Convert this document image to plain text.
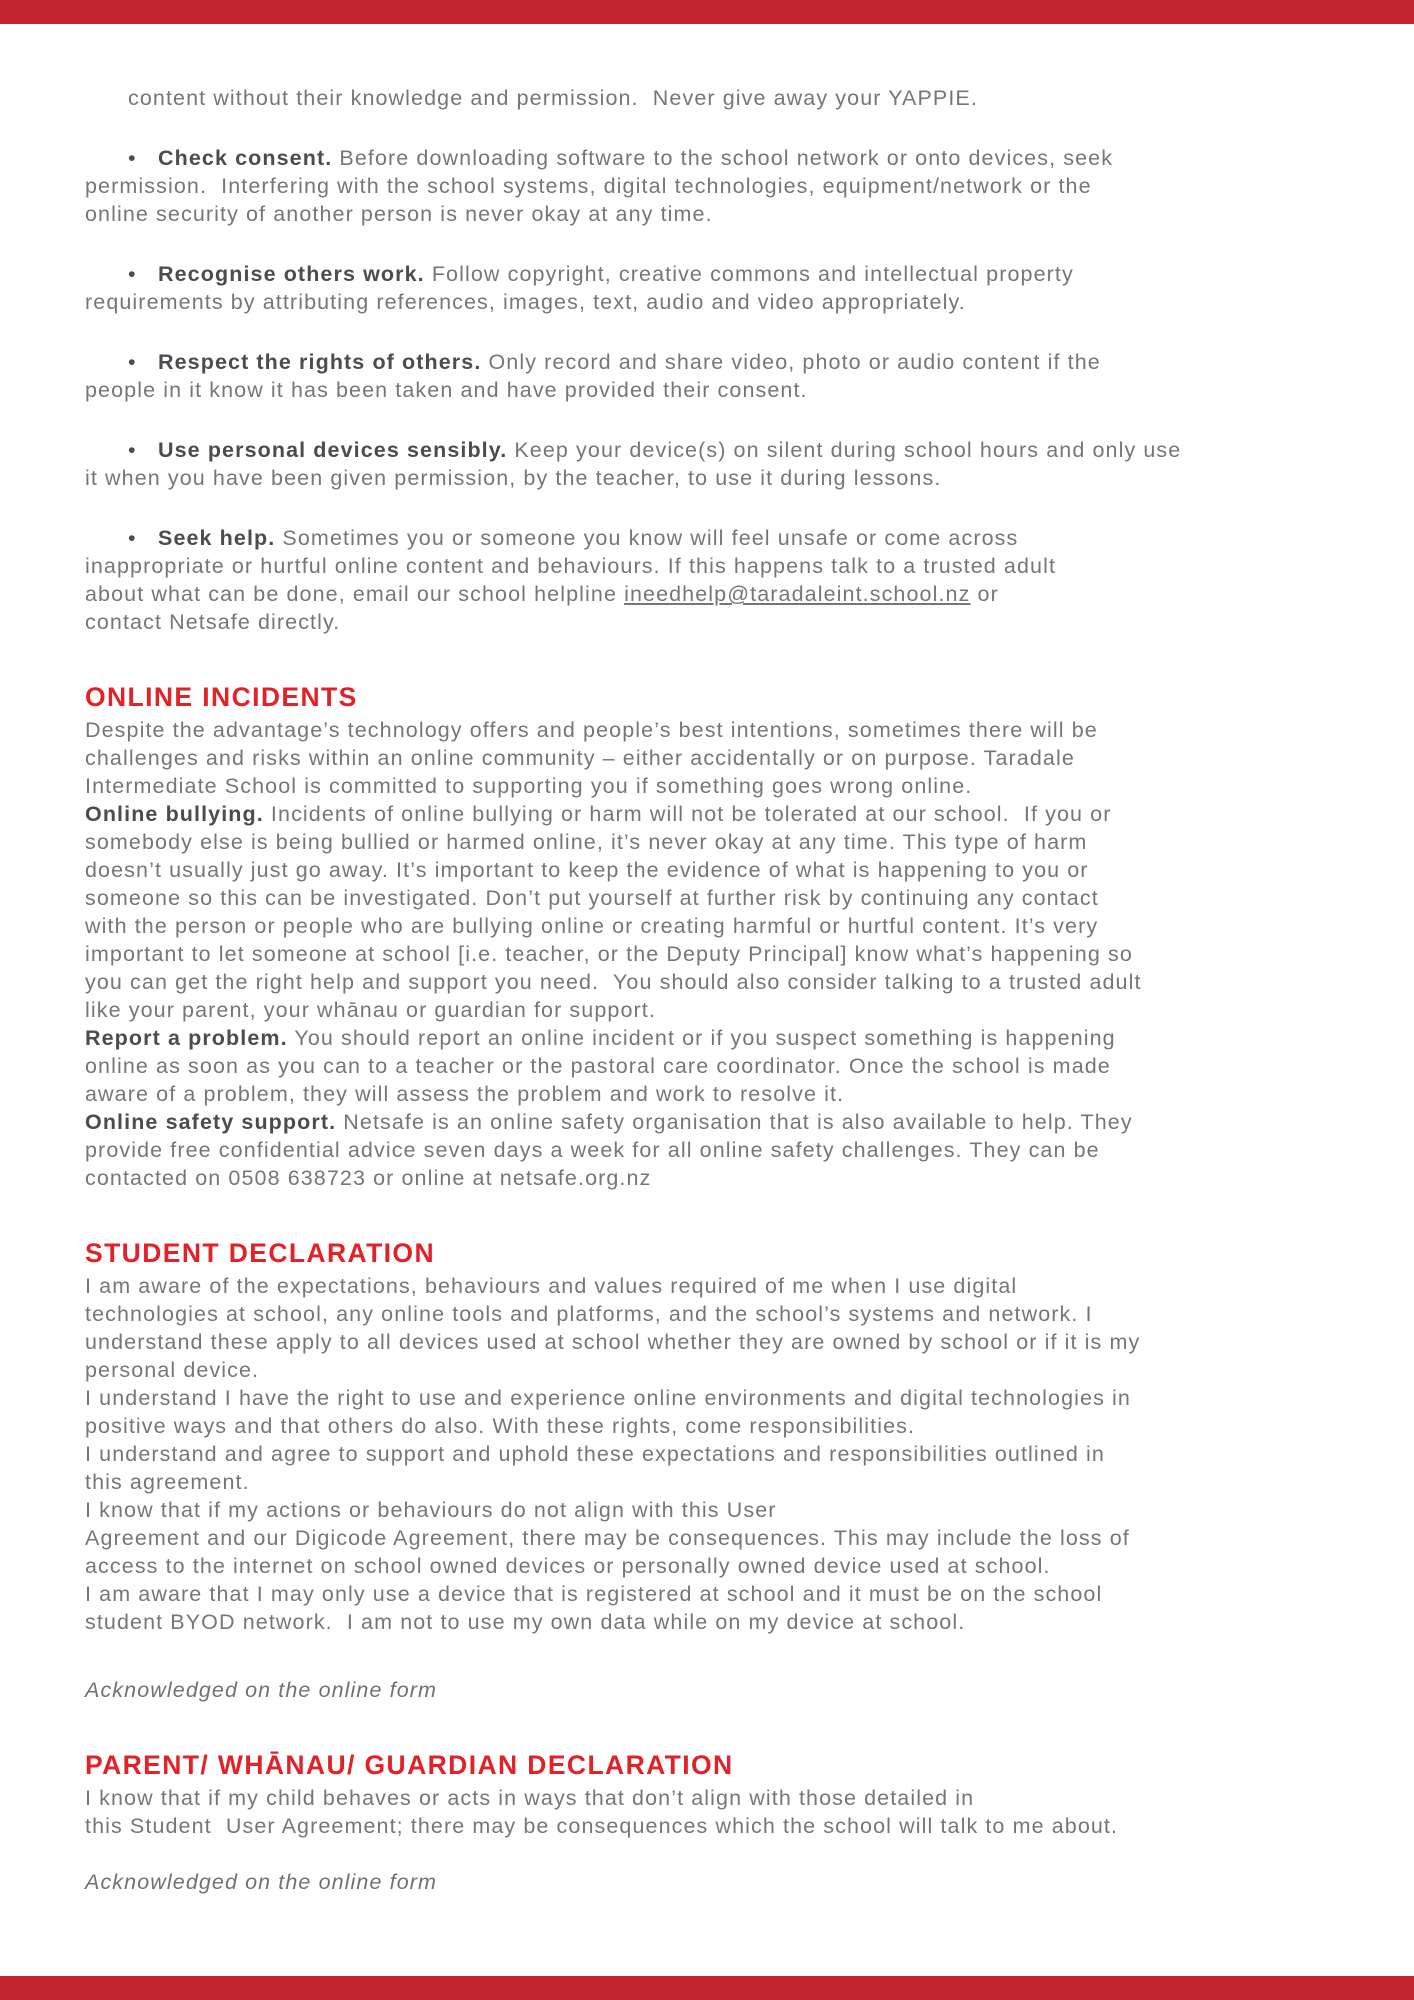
content without their knowledge and permission.  Never give away your YAPPIE.
• Check consent. Before downloading software to the school network or onto devices, seek
permission.  Interfering with the school systems, digital technologies, equipment/network or the
online security of another person is never okay at any time.
• Recognise others work. Follow copyright, creative commons and intellectual property
requirements by attributing references, images, text, audio and video appropriately.
• Respect the rights of others. Only record and share video, photo or audio content if the
people in it know it has been taken and have provided their consent.
• Use personal devices sensibly. Keep your device(s) on silent during school hours and only use
it when you have been given permission, by the teacher, to use it during lessons.
• Seek help. Sometimes you or someone you know will feel unsafe or come across
inappropriate or hurtful online content and behaviours. If this happens talk to a trusted adult
about what can be done, email our school helpline ineedhelp@taradaleint.school.nz or
contact Netsafe directly.
ONLINE INCIDENTS
Despite the advantage’s technology offers and people’s best intentions, sometimes there will be
challenges and risks within an online community – either accidentally or on purpose. Taradale
Intermediate School is committed to supporting you if something goes wrong online.
Online bullying. Incidents of online bullying or harm will not be tolerated at our school.  If you or
somebody else is being bullied or harmed online, it’s never okay at any time. This type of harm
doesn’t usually just go away. It’s important to keep the evidence of what is happening to you or
someone so this can be investigated. Don’t put yourself at further risk by continuing any contact
with the person or people who are bullying online or creating harmful or hurtful content. It’s very
important to let someone at school [i.e. teacher, or the Deputy Principal] know what’s happening so
you can get the right help and support you need.  You should also consider talking to a trusted adult
like your parent, your whānau or guardian for support.
Report a problem. You should report an online incident or if you suspect something is happening
online as soon as you can to a teacher or the pastoral care coordinator. Once the school is made
aware of a problem, they will assess the problem and work to resolve it.
Online safety support. Netsafe is an online safety organisation that is also available to help. They
provide free confidential advice seven days a week for all online safety challenges. They can be
contacted on 0508 638723 or online at netsafe.org.nz
STUDENT DECLARATION
I am aware of the expectations, behaviours and values required of me when I use digital
technologies at school, any online tools and platforms, and the school’s systems and network. I
understand these apply to all devices used at school whether they are owned by school or if it is my
personal device.
I understand I have the right to use and experience online environments and digital technologies in
positive ways and that others do also. With these rights, come responsibilities.
I understand and agree to support and uphold these expectations and responsibilities outlined in
this agreement.
I know that if my actions or behaviours do not align with this User
Agreement and our Digicode Agreement, there may be consequences. This may include the loss of
access to the internet on school owned devices or personally owned device used at school.
I am aware that I may only use a device that is registered at school and it must be on the school
student BYOD network.  I am not to use my own data while on my device at school.
Acknowledged on the online form
PARENT/ WHĀNAU/ GUARDIAN DECLARATION
I know that if my child behaves or acts in ways that don’t align with those detailed in
this Student  User Agreement; there may be consequences which the school will talk to me about.
Acknowledged on the online form
